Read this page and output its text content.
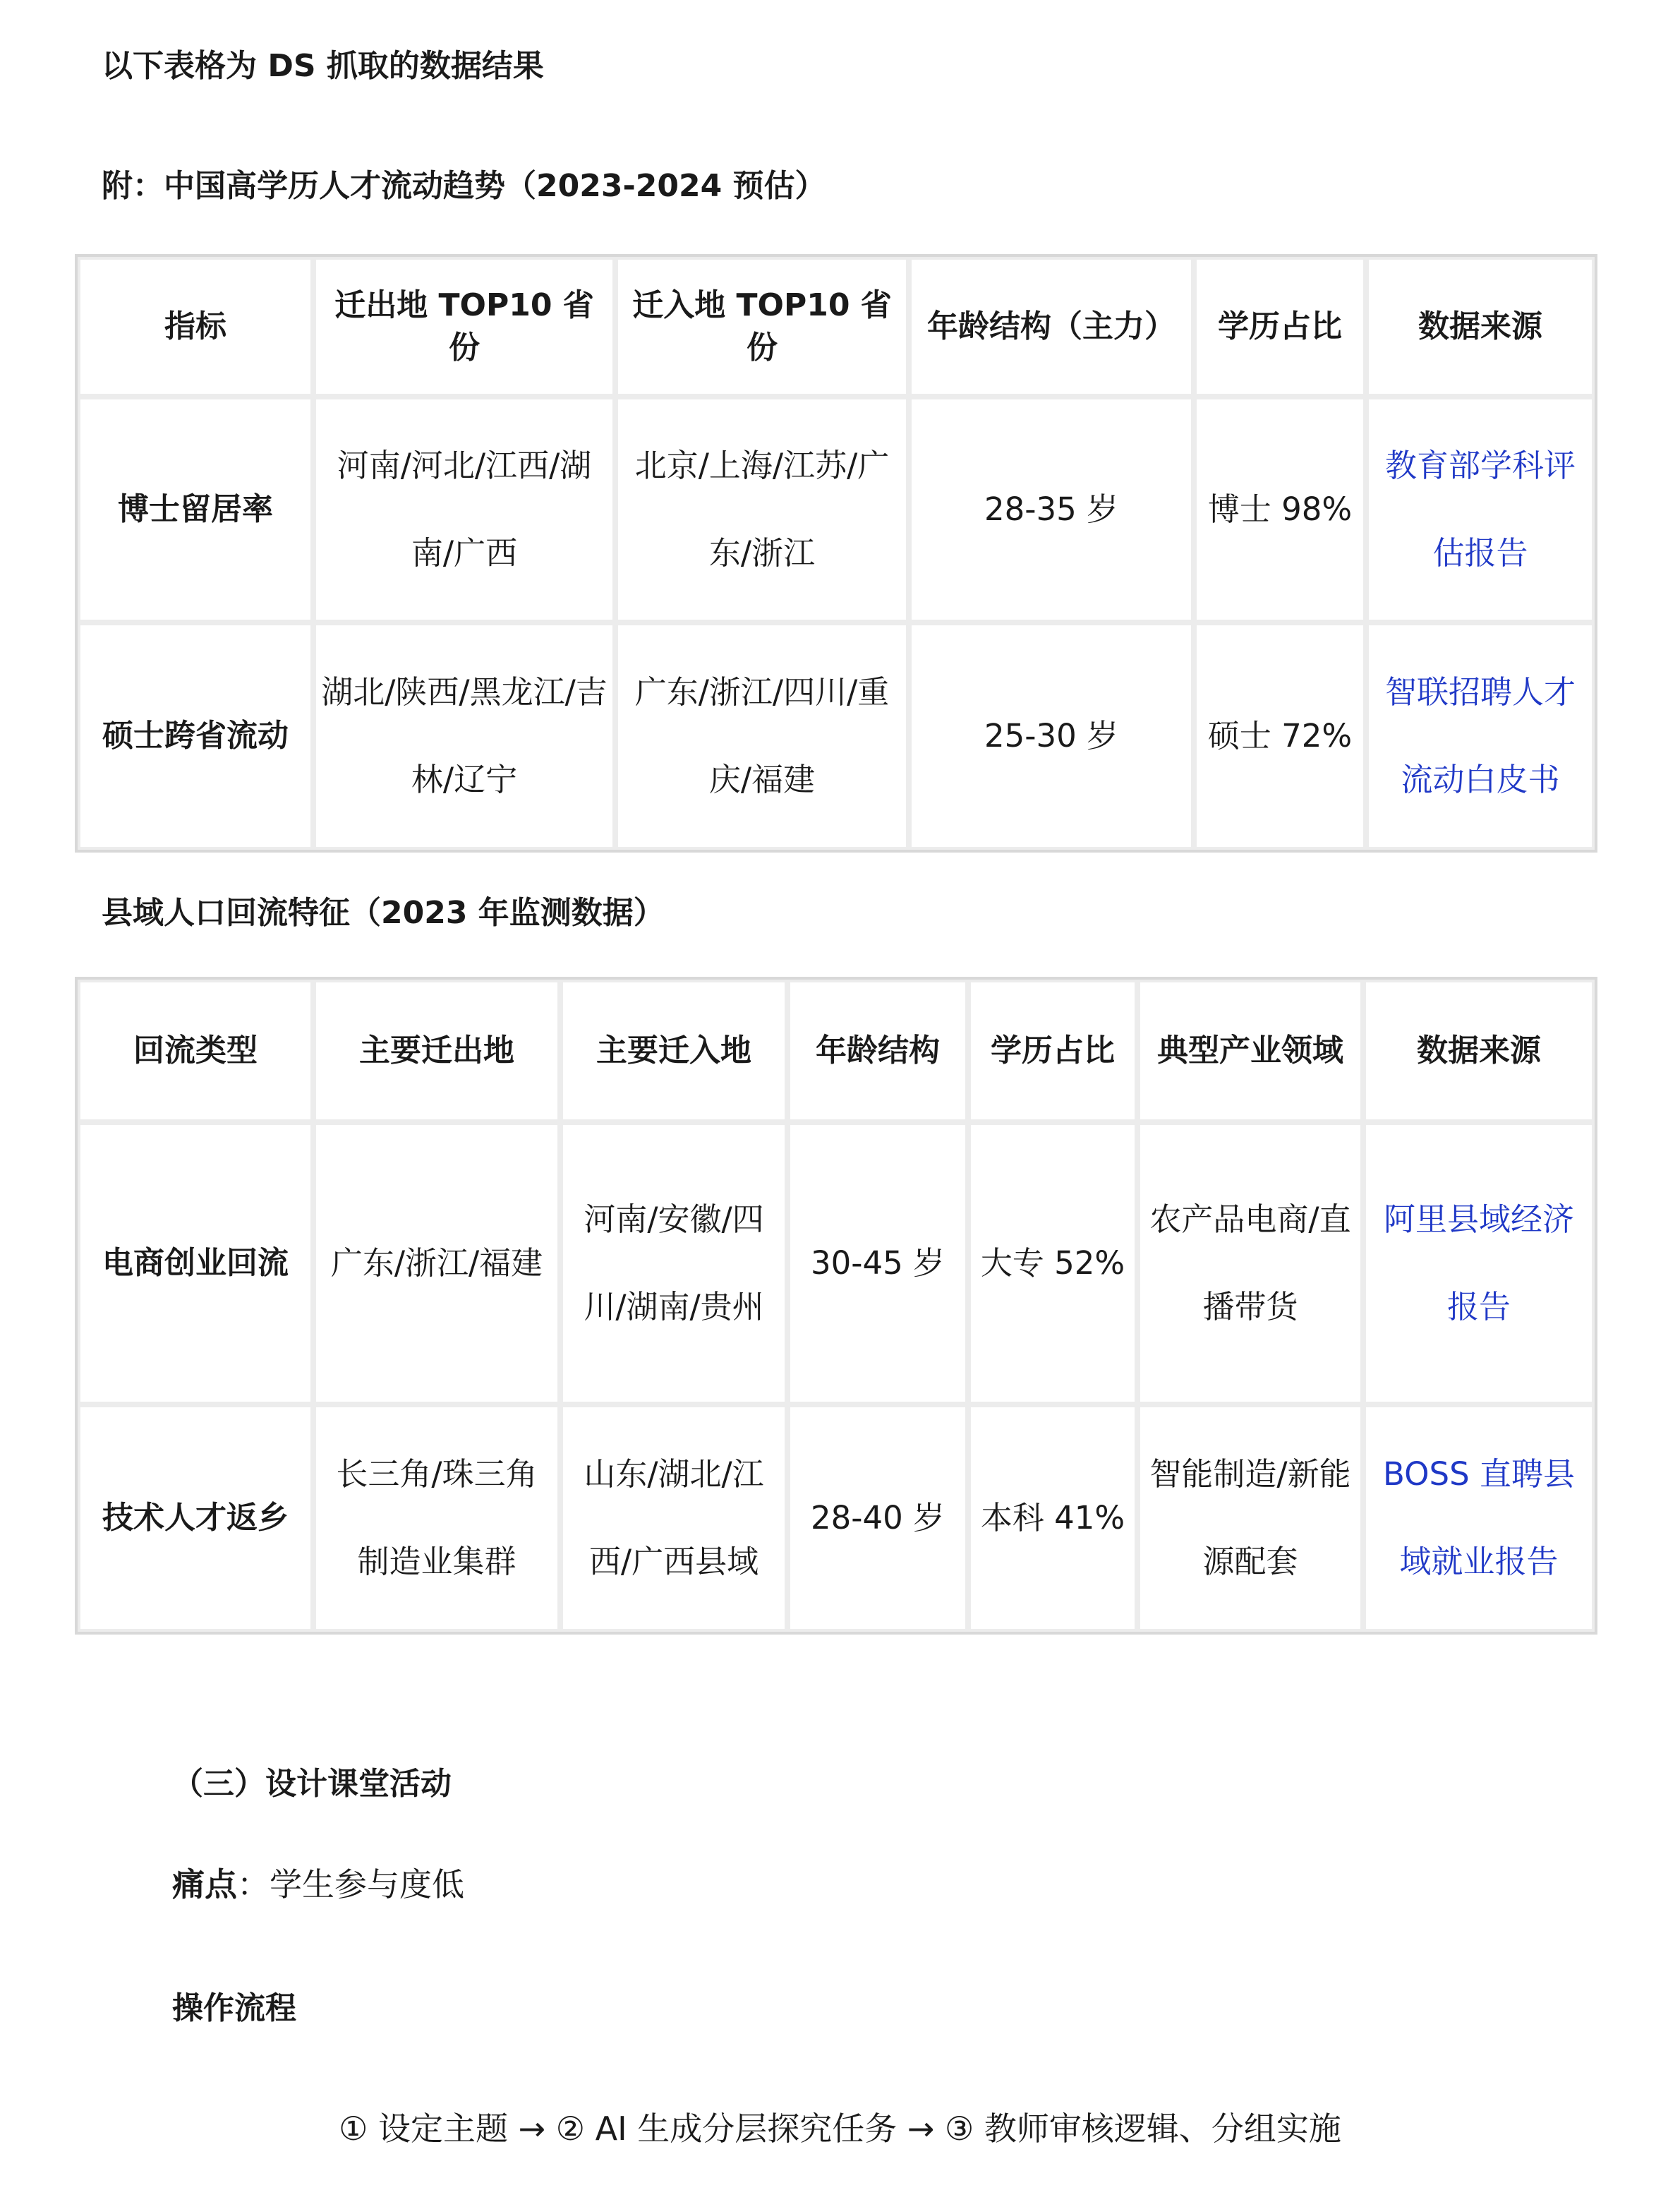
以下表格为 DS 抓取的数据结果
附：中国高学历人才流动趋势（2023-2024 预估）
指标	迁出地 TOP10 省份	迁入地 TOP10 省份	年龄结构（主力）	学历占比	数据来源
博士留居率	河南/河北/江西/湖南/广西	北京/上海/江苏/广东/浙江	28-35 岁	博士 98%	教育部学科评估报告
硕士跨省流动	湖北/陕西/黑龙江/吉林/辽宁	广东/浙江/四川/重庆/福建	25-30 岁	硕士 72%	智联招聘人才流动白皮书
县域人口回流特征（2023 年监测数据）
回流类型	主要迁出地	主要迁入地	年龄结构	学历占比	典型产业领域	数据来源
电商创业回流	广东/浙江/福建	河南/安徽/四川/湖南/贵州	30-45 岁	大专 52%	农产品电商/直播带货	阿里县域经济报告
技术人才返乡	长三角/珠三角制造业集群	山东/湖北/江西/广西县域	28-40 岁	本科 41%	智能制造/新能源配套	BOSS 直聘县域就业报告
（三）设计课堂活动
痛点：学生参与度低
操作流程
① 设定主题 → ② AI 生成分层探究任务 → ③ 教师审核逻辑、分组实施
